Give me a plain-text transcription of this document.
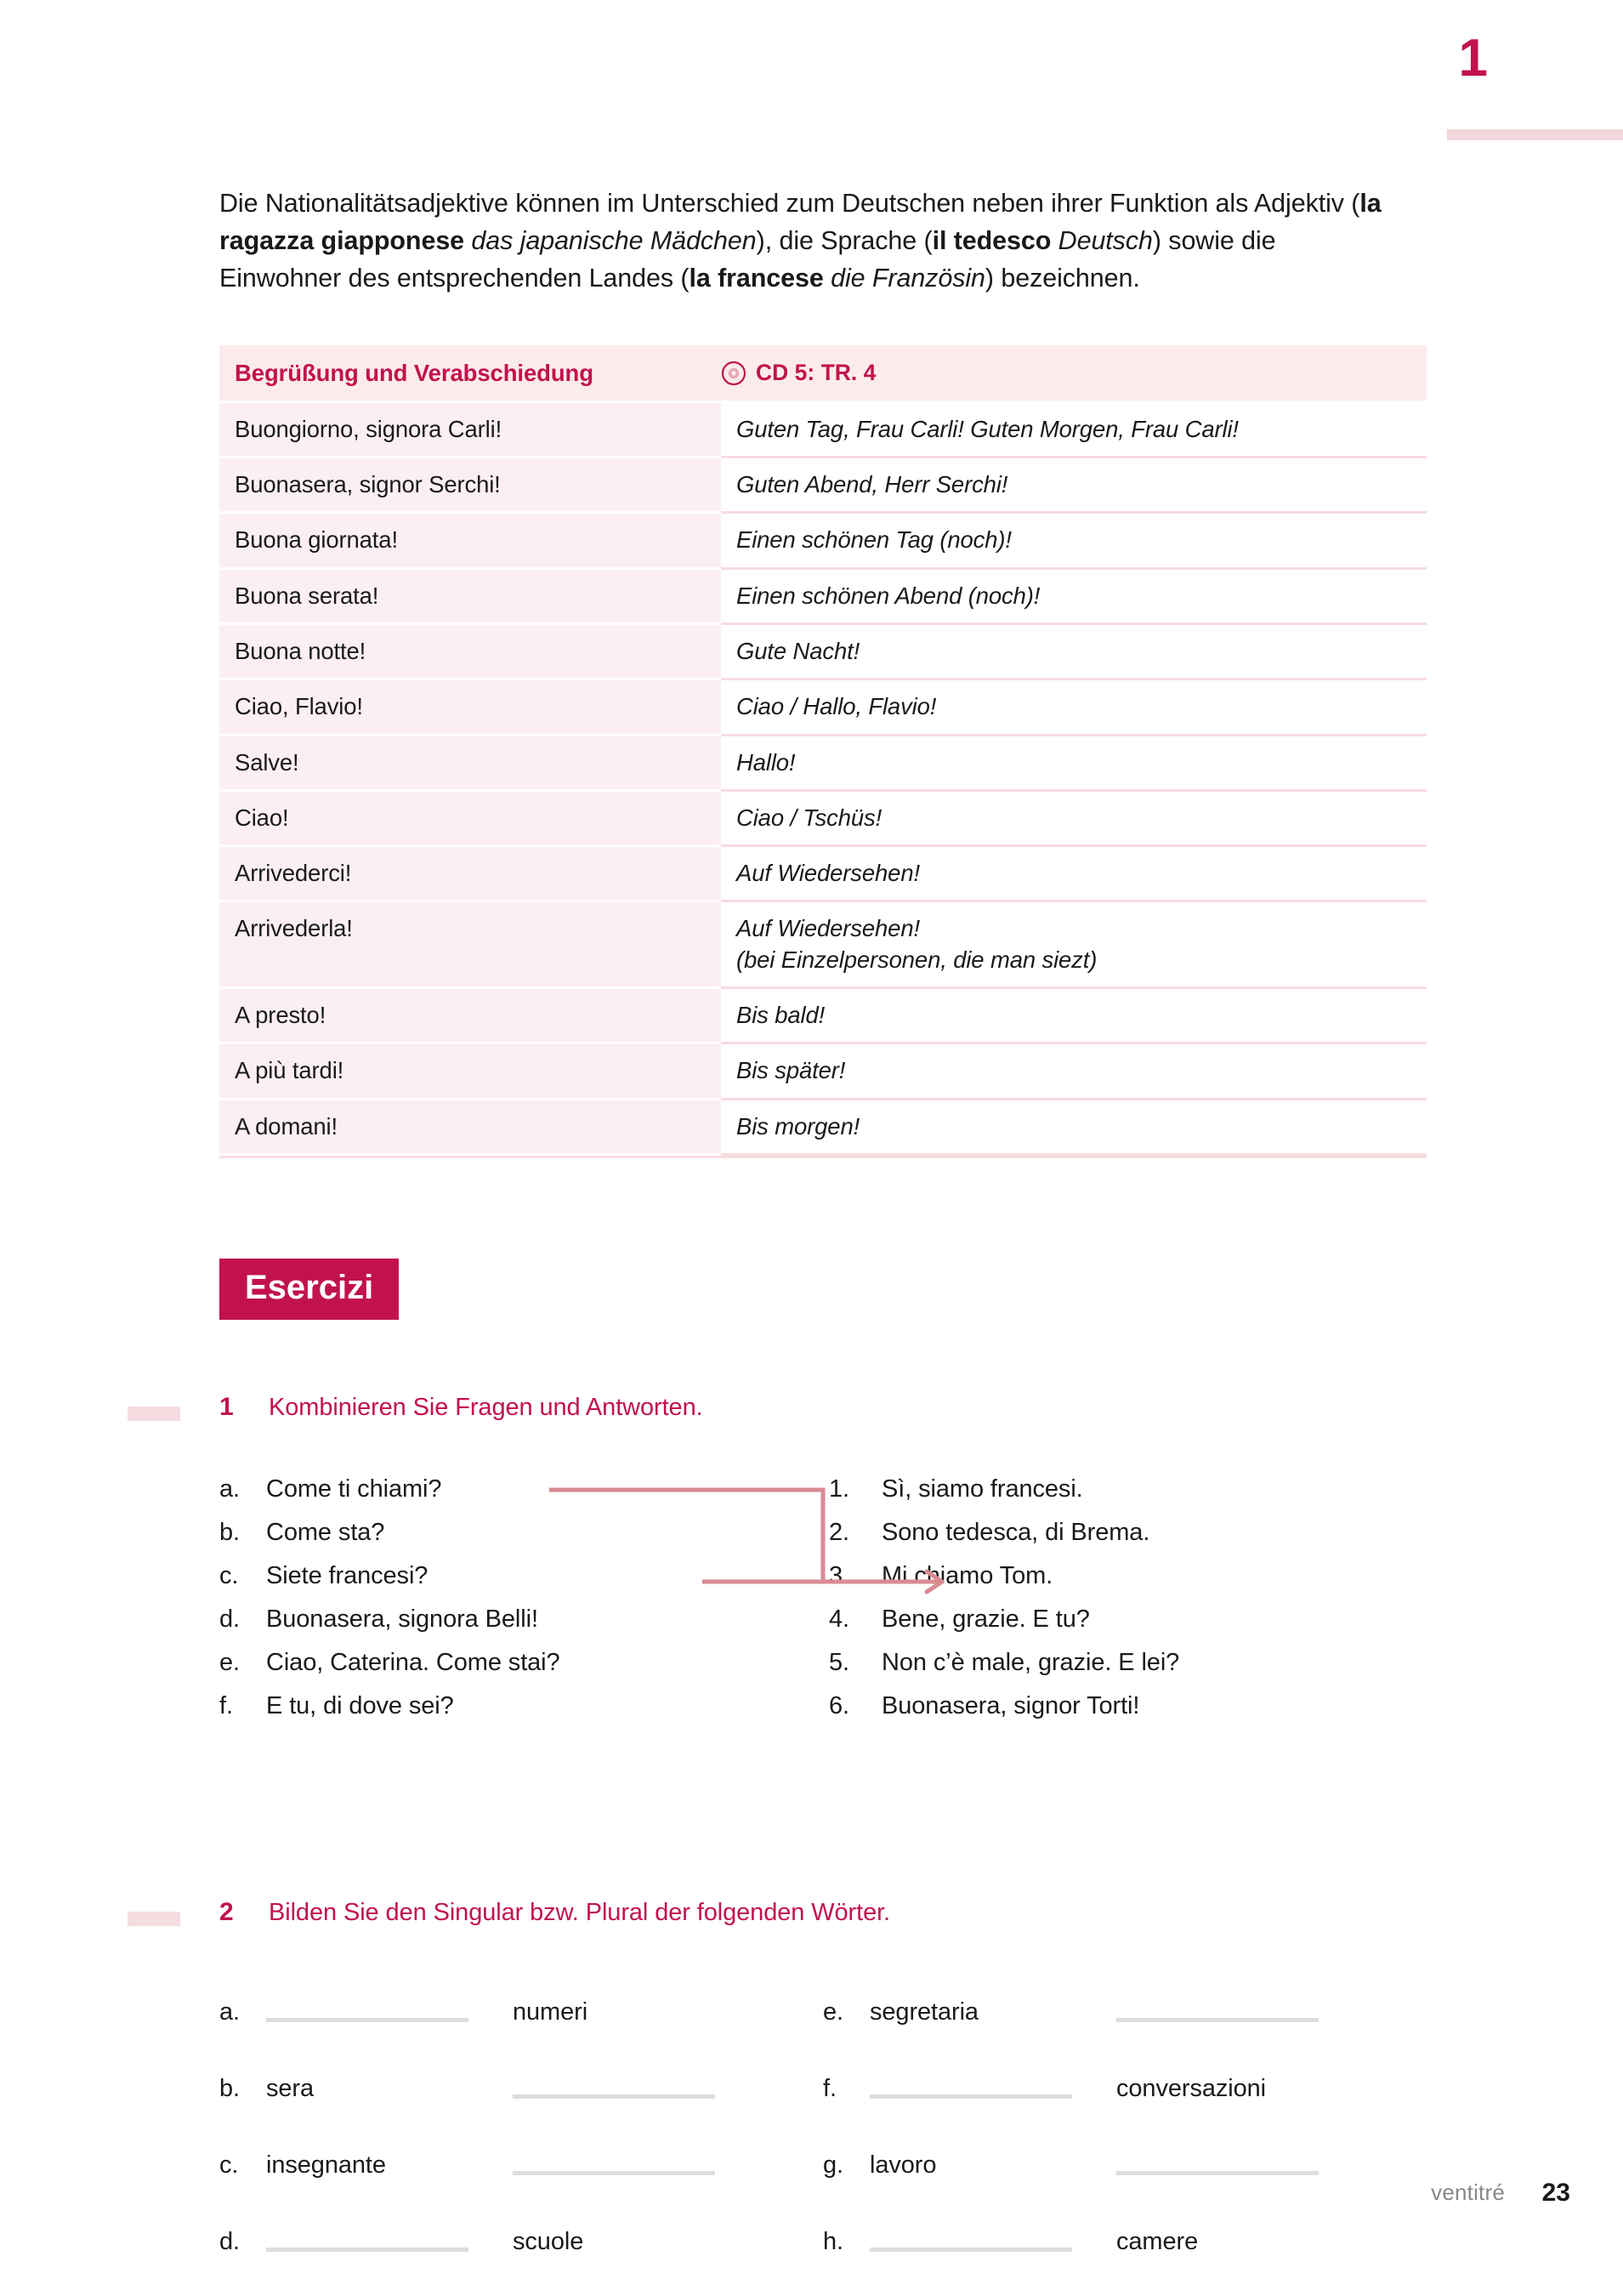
1

Die Nationalitätsadjektive können im Unterschied zum Deutschen neben ihrer Funktion als Adjektiv (la ragazza giapponese das japanische Mädchen), die Sprache (il tedesco Deutsch) sowie die Einwohner des entsprechenden Landes (la francese die Französin) bezeichnen.

Begrüßung und Verabschiedung CD 5: TR. 4	

Buongiorno, signora Carli!	Guten Tag, Frau Carli! Guten Morgen, Frau Carli!
Buonasera, signor Serchi!	Guten Abend, Herr Serchi!
Buona giornata!	Einen schönen Tag (noch)!
Buona serata!	Einen schönen Abend (noch)!
Buona notte!	Gute Nacht!
Ciao, Flavio!	Ciao / Hallo, Flavio!
Salve!	Hallo!
Ciao!	Ciao / Tschüs!
Arrivederci!	Auf Wiedersehen!
Arrivederla!	Auf Wiedersehen!
(bei Einzelpersonen, die man siezt)
A presto!	Bis bald!
A più tardi!	Bis später!
A domani!	Bis morgen!
Esercizi
1	Kombinieren Sie Fragen und Antworten.
a.	Come ti chiami?
b.	Come sta?
c.	Siete francesi?
d.	Buonasera, signora Belli!
e.	Ciao, Caterina. Come stai?
f.	E tu, di dove sei?
1.	Sì, siamo francesi.
2.	Sono tedesca, di Brema.
3.	Mi chiamo Tom.
4.	Bene, grazie. E tu?
5.	Non c’è male, grazie. E lei?
6.	Buonasera, signor Torti!
2	Bilden Sie den Singular bzw. Plural der folgenden Wörter.
a.	numeri
b.	sera
c.	insegnante
d.	scuole
e.	segretaria
f.	conversazioni
g.	lavoro
h.	camere
ventitré 23
